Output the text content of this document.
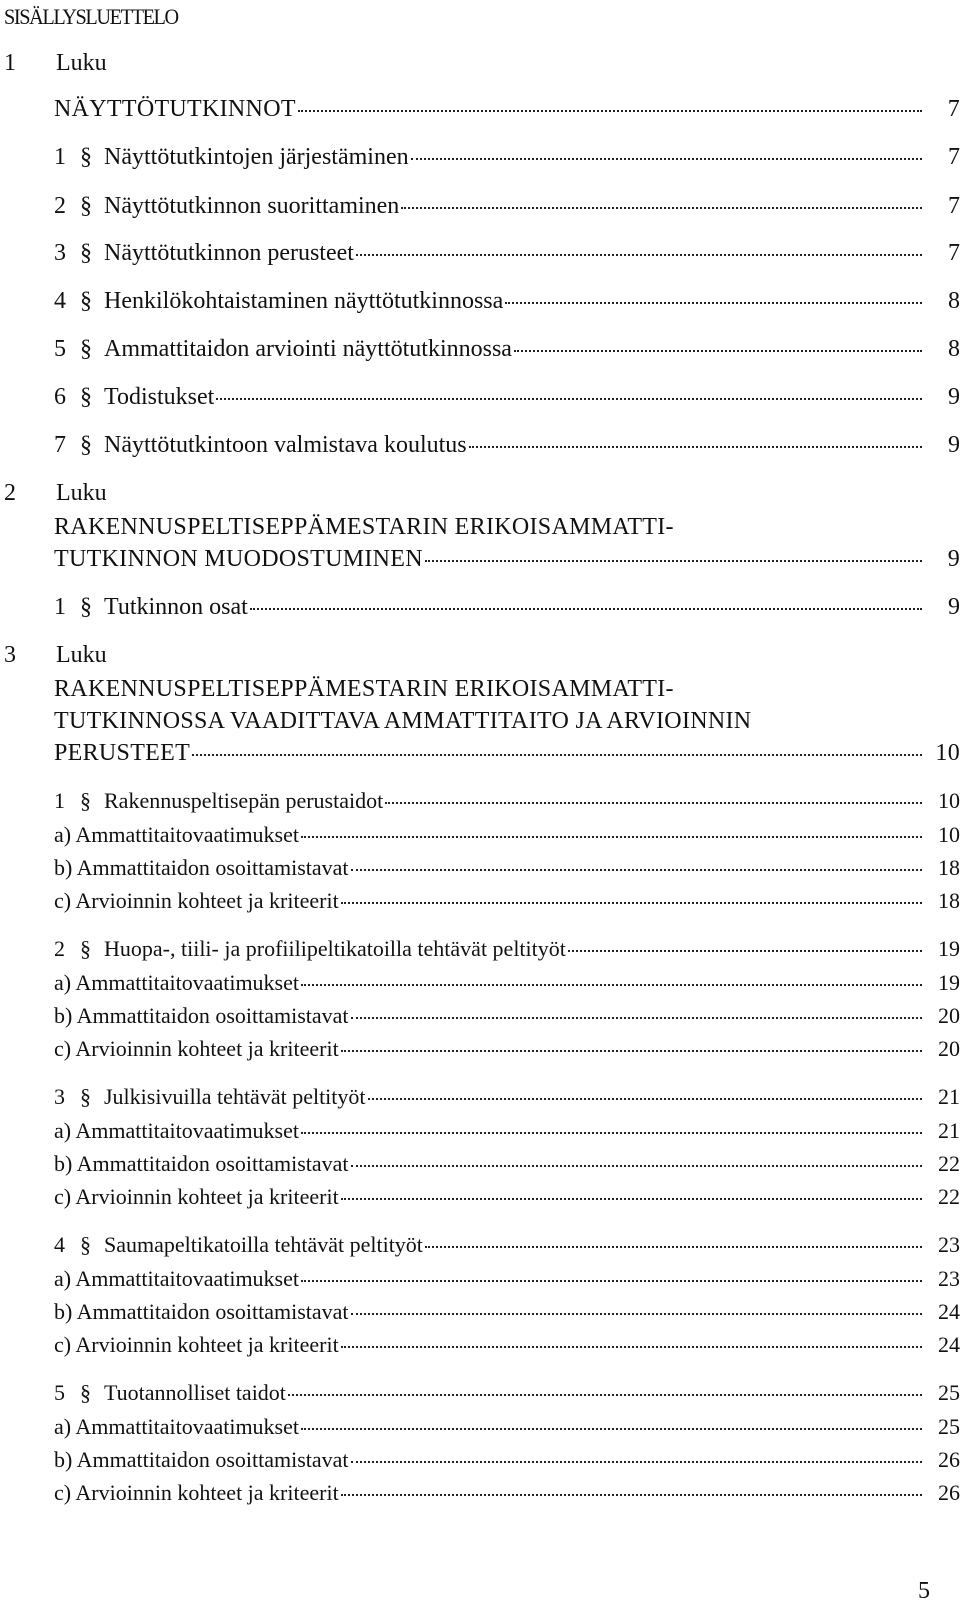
SISÄLLYSLUETTELO
1 Luku
NÄYTTÖTUTKINNOT	7
1 § Näyttötutkintojen järjestäminen	7
2 § Näyttötutkinnon suorittaminen	7
3 § Näyttötutkinnon perusteet	7
4 § Henkilökohtaistaminen näyttötutkinnossa	8
5 § Ammattitaidon arviointi näyttötutkinnossa	8
6 § Todistukset	9
7 § Näyttötutkintoon valmistava koulutus	9
2 Luku
RAKENNUSPELTISEPPÄMESTARIN ERIKOISAMMATTI-
TUTKINNON MUODOSTUMINEN	9
1 § Tutkinnon osat	9
3 Luku
RAKENNUSPELTISEPPÄMESTARIN ERIKOISAMMATTI-
TUTKINNOSSA VAADITTAVA AMMATTITAITO JA ARVIOINNIN
PERUSTEET	10
1 § Rakennuspeltisepän perustaidot	10
a) Ammattitaitovaatimukset	10
b) Ammattitaidon osoittamistavat	18
c) Arvioinnin kohteet ja kriteerit	18
2 § Huopa-, tiili- ja profiilipeltikatoilla tehtävät peltityöt	19
a) Ammattitaitovaatimukset	19
b) Ammattitaidon osoittamistavat	20
c) Arvioinnin kohteet ja kriteerit	20
3 § Julkisivuilla tehtävät peltityöt	21
a) Ammattitaitovaatimukset	21
b) Ammattitaidon osoittamistavat	22
c) Arvioinnin kohteet ja kriteerit	22
4 § Saumapeltikatoilla tehtävät peltityöt	23
a) Ammattitaitovaatimukset	23
b) Ammattitaidon osoittamistavat	24
c) Arvioinnin kohteet ja kriteerit	24
5 § Tuotannolliset taidot	25
a) Ammattitaitovaatimukset	25
b) Ammattitaidon osoittamistavat	26
c) Arvioinnin kohteet ja kriteerit	26
5
